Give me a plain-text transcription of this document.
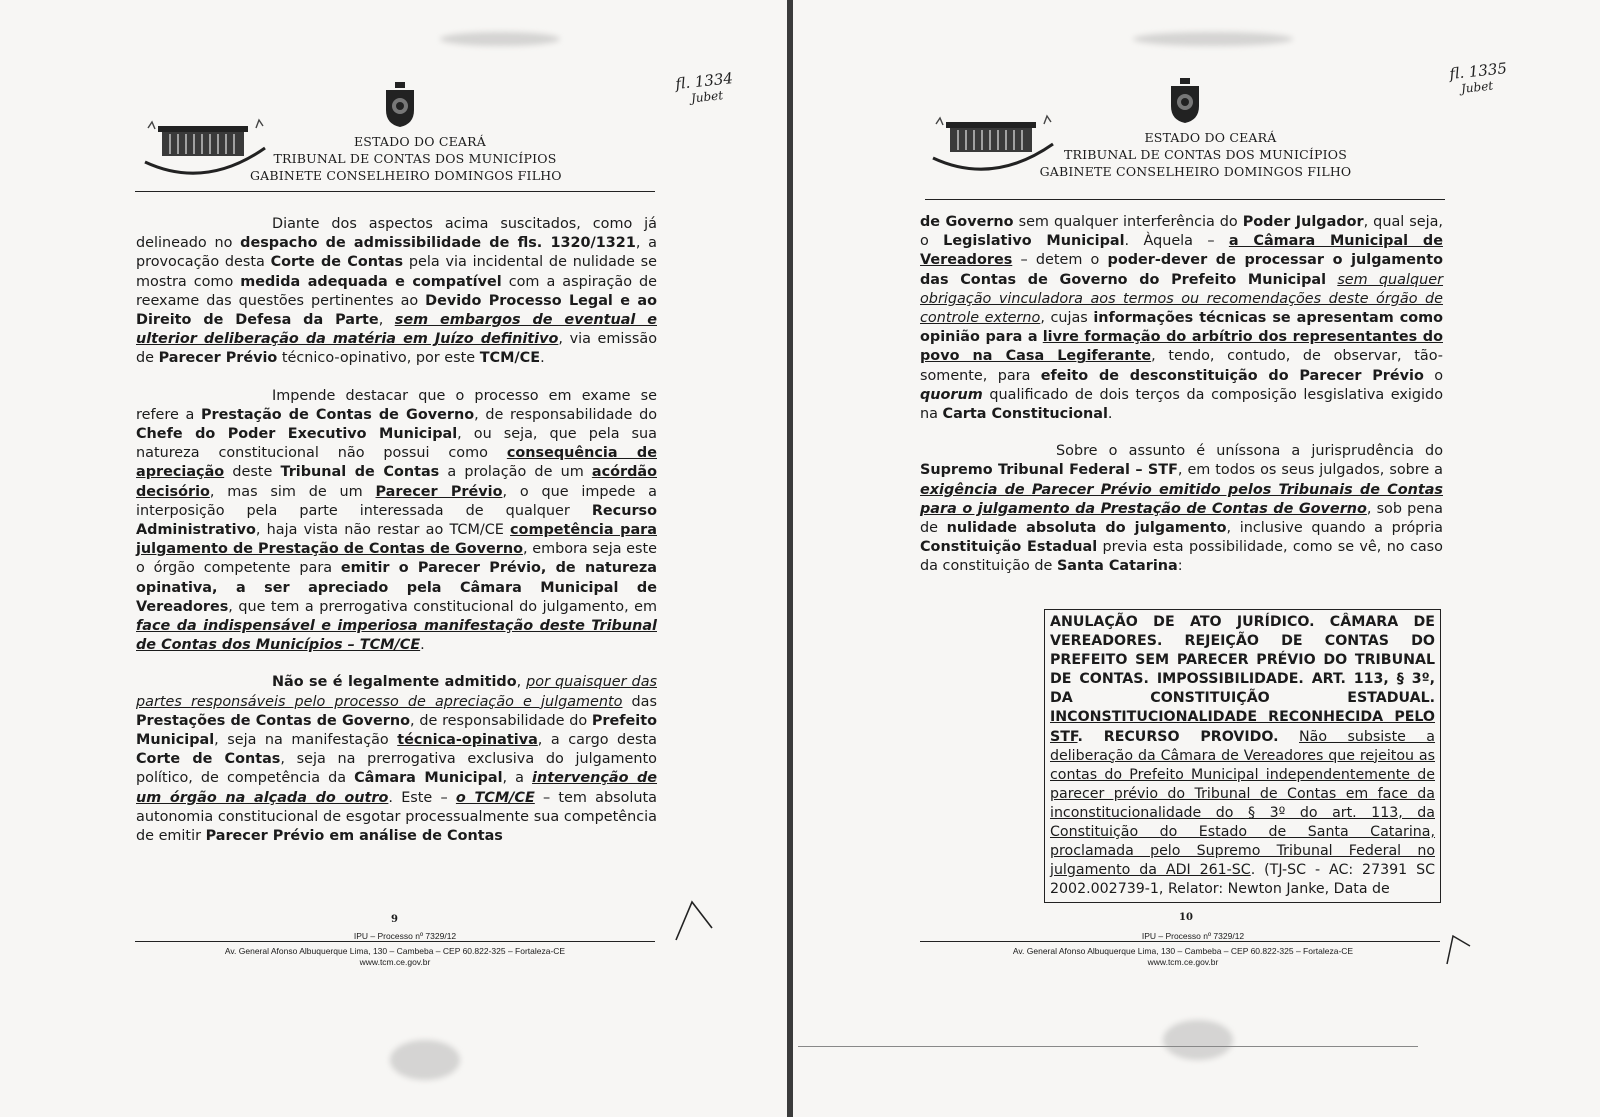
ESTADO DO CEARÁ
TRIBUNAL DE CONTAS DOS MUNICÍPIOS
GABINETE CONSELHEIRO DOMINGOS FILHO
fl. 1334
Jubet

Diante dos aspectos acima suscitados, como já delineado no despacho de admissibilidade de fls. 1320/1321, a provocação desta Corte de Contas pela via incidental de nulidade se mostra como medida adequada e compatível com a aspiração de reexame das questões pertinentes ao Devido Processo Legal e ao Direito de Defesa da Parte, sem embargos de eventual e ulterior deliberação da matéria em Juízo definitivo, via emissão de Parecer Prévio técnico-opinativo, por este TCM/CE.

Impende destacar que o processo em exame se refere a Prestação de Contas de Governo, de responsabilidade do Chefe do Poder Executivo Municipal, ou seja, que pela sua natureza constitucional não possui como consequência de apreciação deste Tribunal de Contas a prolação de um acórdão decisório, mas sim de um Parecer Prévio, o que impede a interposição pela parte interessada de qualquer Recurso Administrativo, haja vista não restar ao TCM/CE competência para julgamento de Prestação de Contas de Governo, embora seja este o órgão competente para emitir o Parecer Prévio, de natureza opinativa, a ser apreciado pela Câmara Municipal de Vereadores, que tem a prerrogativa constitucional do julgamento, em face da indispensável e imperiosa manifestação deste Tribunal de Contas dos Municípios – TCM/CE.

Não se é legalmente admitido, por quaisquer das partes responsáveis pelo processo de apreciação e julgamento das Prestações de Contas de Governo, de responsabilidade do Prefeito Municipal, seja na manifestação técnica-opinativa, a cargo desta Corte de Contas, seja na prerrogativa exclusiva do julgamento político, de competência da Câmara Municipal, a intervenção de um órgão na alçada do outro. Este – o TCM/CE – tem absoluta autonomia constitucional de esgotar processualmente sua competência de emitir Parecer Prévio em análise de Contas

9
IPU – Processo nº 7329/12
Av. General Afonso Albuquerque Lima, 130 – Cambeba – CEP 60.822-325 – Fortaleza-CE
www.tcm.ce.gov.br
ESTADO DO CEARÁ
TRIBUNAL DE CONTAS DOS MUNICÍPIOS
GABINETE CONSELHEIRO DOMINGOS FILHO
fl. 1335
Jubet

de Governo sem qualquer interferência do Poder Julgador, qual seja, o Legislativo Municipal. Àquela – a Câmara Municipal de Vereadores – detem o poder-dever de processar o julgamento das Contas de Governo do Prefeito Municipal sem qualquer obrigação vinculadora aos termos ou recomendações deste órgão de controle externo, cujas informações técnicas se apresentam como opinião para a livre formação do arbítrio dos representantes do povo na Casa Legiferante, tendo, contudo, de observar, tão-somente, para efeito de desconstituição do Parecer Prévio o quorum qualificado de dois terços da composição lesgislativa exigido na Carta Constitucional.

Sobre o assunto é uníssona a jurisprudência do Supremo Tribunal Federal – STF, em todos os seus julgados, sobre a exigência de Parecer Prévio emitido pelos Tribunais de Contas para o julgamento da Prestação de Contas de Governo, sob pena de nulidade absoluta do julgamento, inclusive quando a própria Constituição Estadual previa esta possibilidade, como se vê, no caso da constituição de Santa Catarina:

ANULAÇÃO DE ATO JURÍDICO. CÂMARA DE VEREADORES. REJEIÇÃO DE CONTAS DO PREFEITO SEM PARECER PRÉVIO DO TRIBUNAL DE CONTAS. IMPOSSIBILIDADE. ART. 113, § 3º, DA CONSTITUIÇÃO ESTADUAL. INCONSTITUCIONALIDADE RECONHECIDA PELO STF. RECURSO PROVIDO. Não subsiste a deliberação da Câmara de Vereadores que rejeitou as contas do Prefeito Municipal independentemente de parecer prévio do Tribunal de Contas em face da inconstitucionalidade do § 3º do art. 113, da Constituição do Estado de Santa Catarina, proclamada pelo Supremo Tribunal Federal no julgamento da ADI 261-SC. (TJ-SC - AC: 27391 SC 2002.002739-1, Relator: Newton Janke, Data de
10
IPU – Processo nº 7329/12
Av. General Afonso Albuquerque Lima, 130 – Cambeba – CEP 60.822-325 – Fortaleza-CE
www.tcm.ce.gov.br
